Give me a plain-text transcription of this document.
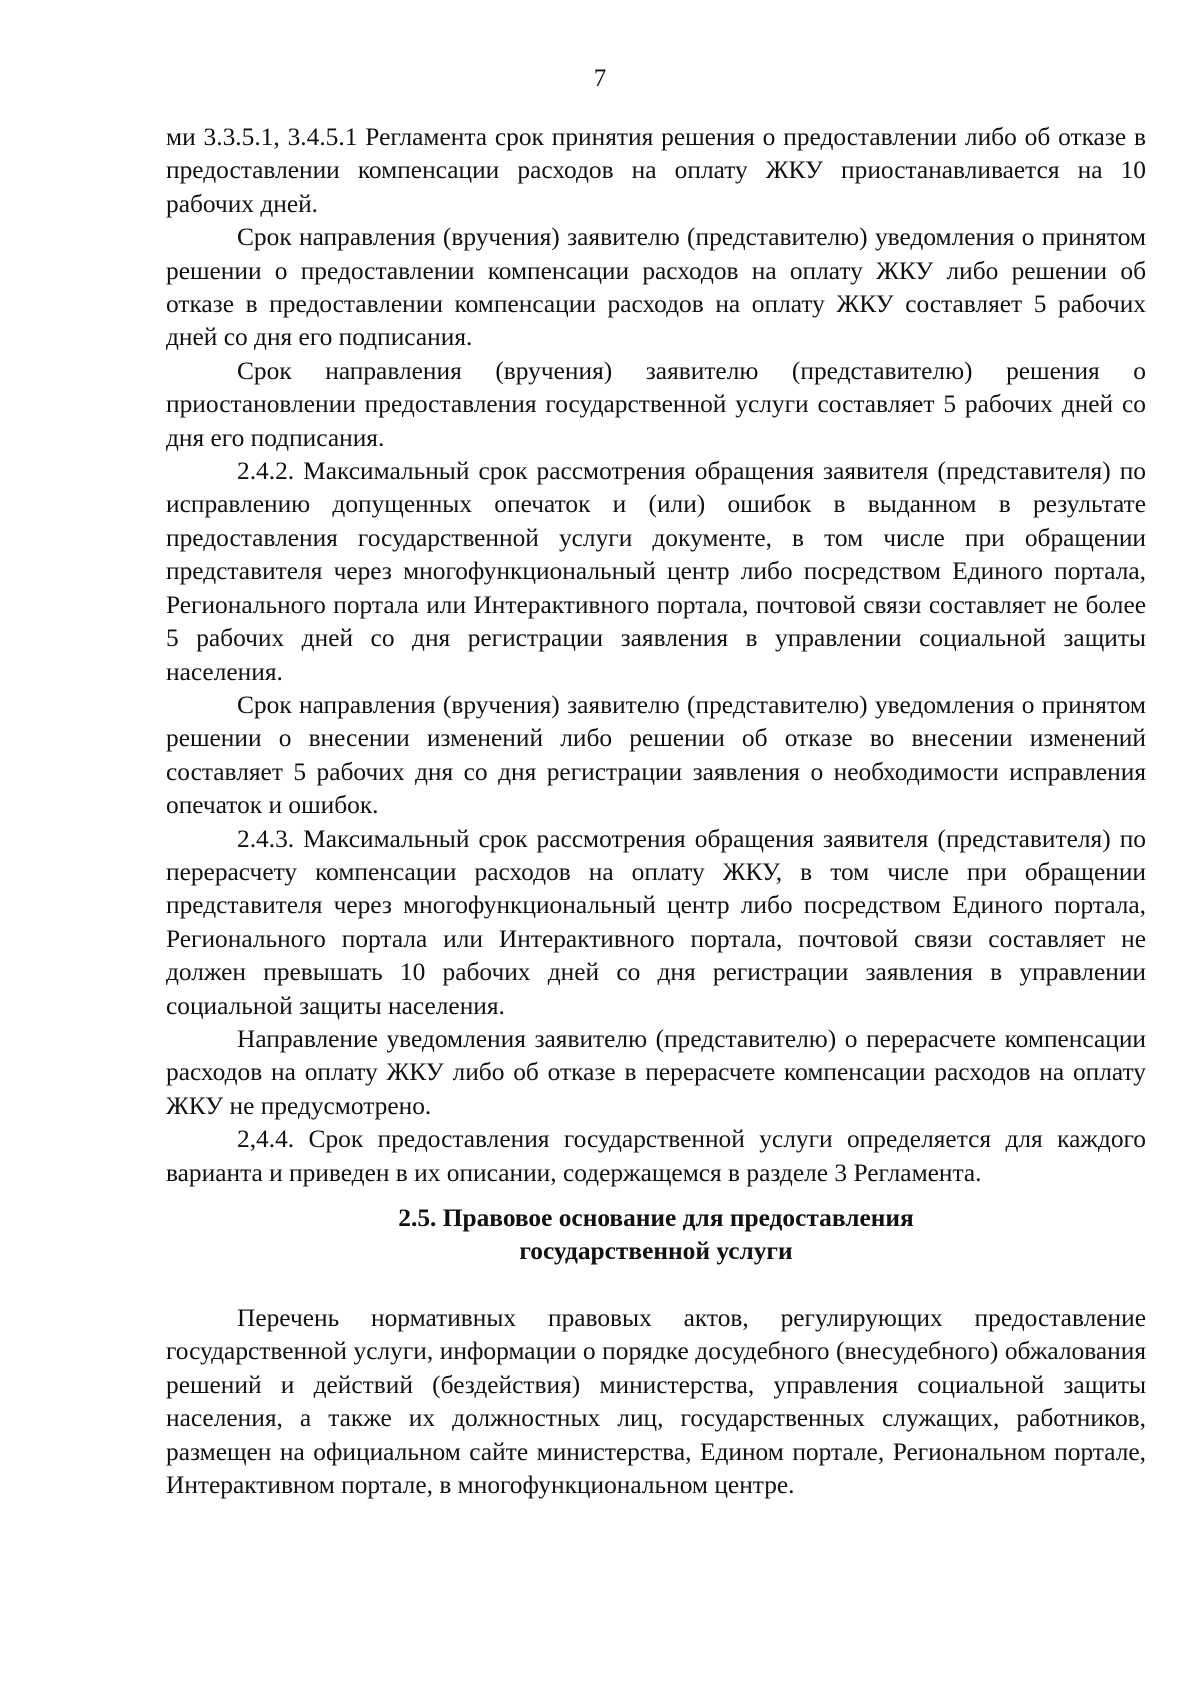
7

ми 3.3.5.1, 3.4.5.1 Регламента срок принятия решения о предоставлении либо об отказе в предоставлении компенсации расходов на оплату ЖКУ приостанавливается на 10 рабочих дней.

Срок направления (вручения) заявителю (представителю) уведомления о принятом решении о предоставлении компенсации расходов на оплату ЖКУ либо решении об отказе в предоставлении компенсации расходов на оплату ЖКУ составляет 5 рабочих дней со дня его подписания.

Срок направления (вручения) заявителю (представителю) решения о приостановлении предоставления государственной услуги составляет 5 рабочих дней со дня его подписания.

2.4.2. Максимальный срок рассмотрения обращения заявителя (представителя) по исправлению допущенных опечаток и (или) ошибок в выданном в результате предоставления государственной услуги документе, в том числе при обращении представителя через многофункциональный центр либо посредством Единого портала, Регионального портала или Интерактивного портала, почтовой связи составляет не более 5 рабочих дней со дня регистрации заявления в управлении социальной защиты населения.

Срок направления (вручения) заявителю (представителю) уведомления о принятом решении о внесении изменений либо решении об отказе во внесении изменений составляет 5 рабочих дня со дня регистрации заявления о необходимости исправления опечаток и ошибок.

2.4.3. Максимальный срок рассмотрения обращения заявителя (представителя) по перерасчету компенсации расходов на оплату ЖКУ, в том числе при обращении представителя через многофункциональный центр либо посредством Единого портала, Регионального портала или Интерактивного портала, почтовой связи составляет не должен превышать 10 рабочих дней со дня регистрации заявления в управлении социальной защиты населения.

Направление уведомления заявителю (представителю) о перерасчете компенсации расходов на оплату ЖКУ либо об отказе в перерасчете компенсации расходов на оплату ЖКУ не предусмотрено.

2,4.4. Срок предоставления государственной услуги определяется для каждого варианта и приведен в их описании, содержащемся в разделе 3 Регламента.

2.5. Правовое основание для предоставления
государственной услуги

Перечень нормативных правовых актов, регулирующих предоставление государственной услуги, информации о порядке досудебного (внесудебного) обжалования решений и действий (бездействия) министерства, управления социальной защиты населения, а также их должностных лиц, государственных служащих, работников, размещен на официальном сайте министерства, Едином портале, Региональном портале, Интерактивном портале, в многофункциональном центре.
